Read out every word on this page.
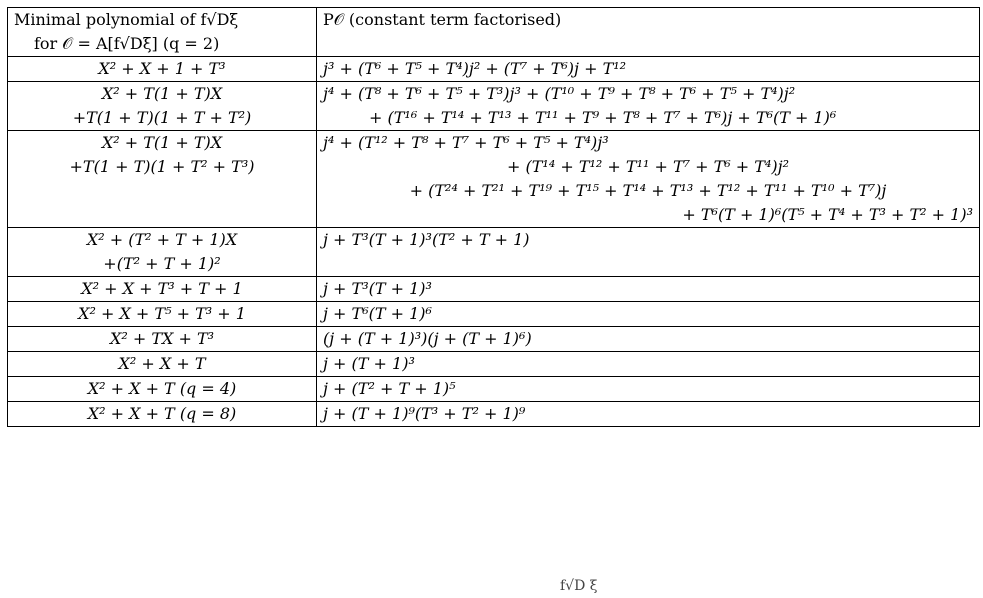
Minimal polynomial of f√Dξ
for 𝒪 = A[f√Dξ] (q = 2)	P𝒪 (constant term factorised)

X² + X + 1 + T³	j³ + (T⁶ + T⁵ + T⁴)j² + (T⁷ + T⁶)j + T¹²

X² + T(1 + T)X
+T(1 + T)(1 + T + T²)	j⁴ + (T⁸ + T⁶ + T⁵ + T³)j³ + (T¹⁰ + T⁹ + T⁸ + T⁶ + T⁵ + T⁴)j²
+ (T¹⁶ + T¹⁴ + T¹³ + T¹¹ + T⁹ + T⁸ + T⁷ + T⁶)j + T⁶(T + 1)⁶

X² + T(1 + T)X
+T(1 + T)(1 + T² + T³)	j⁴ + (T¹² + T⁸ + T⁷ + T⁶ + T⁵ + T⁴)j³
+ (T¹⁴ + T¹² + T¹¹ + T⁷ + T⁶ + T⁴)j²
+ (T²⁴ + T²¹ + T¹⁹ + T¹⁵ + T¹⁴ + T¹³ + T¹² + T¹¹ + T¹⁰ + T⁷)j
+ T⁶(T + 1)⁶(T⁵ + T⁴ + T³ + T² + 1)³

X² + (T² + T + 1)X
+(T² + T + 1)²	j + T³(T + 1)³(T² + T + 1)

X² + X + T³ + T + 1	j + T³(T + 1)³

X² + X + T⁵ + T³ + 1	j + T⁶(T + 1)⁶

X² + TX + T³	(j + (T + 1)³)(j + (T + 1)⁶)

X² + X + T	j + (T + 1)³

X² + X + T (q = 4)	j + (T² + T + 1)⁵

X² + X + T (q = 8)	j + (T + 1)⁹(T³ + T² + 1)⁹
f√D ξ
